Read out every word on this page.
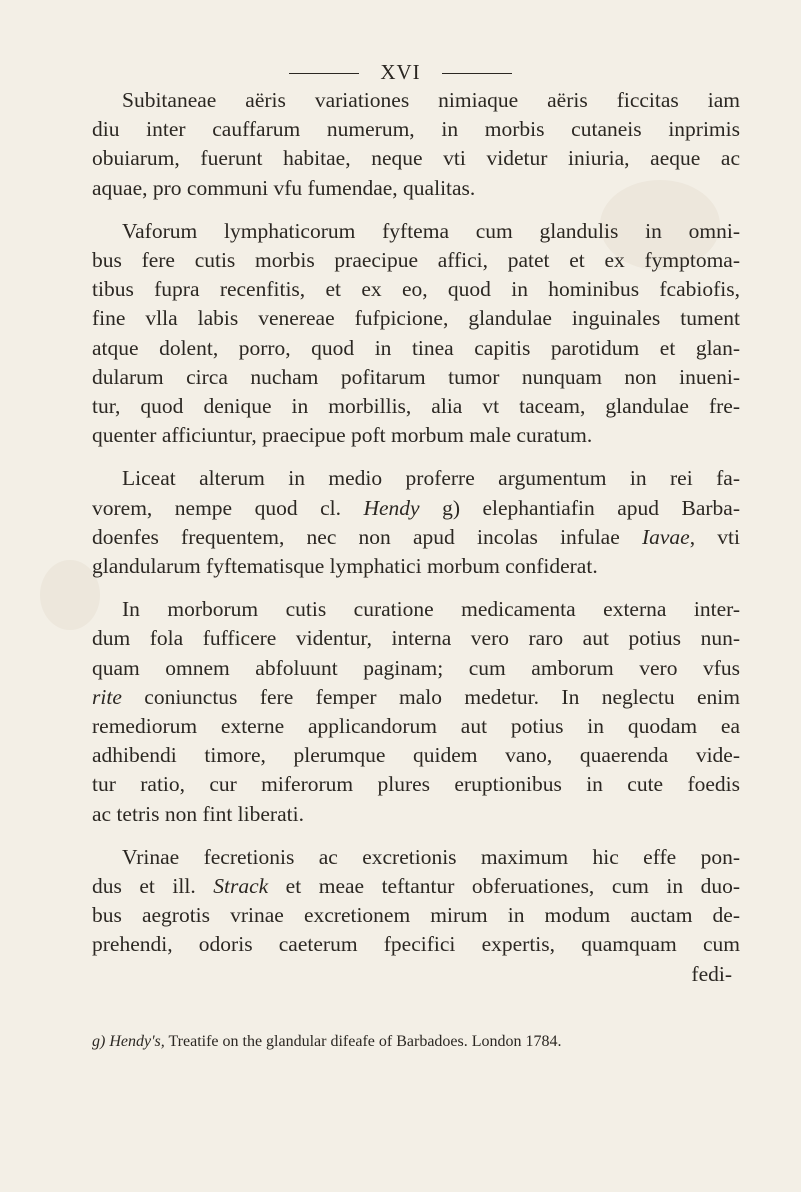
XVI
Subitaneae aëris variationes nimiaque aëris ficcitas iam
diu inter cauffarum numerum, in morbis cutaneis inprimis
obuiarum, fuerunt habitae, neque vti videtur iniuria, aeque ac
aquae, pro communi vfu fumendae, qualitas.
Vaforum lymphaticorum fyftema cum glandulis in omni-
bus fere cutis morbis praecipue affici, patet et ex fymptoma-
tibus fupra recenfitis, et ex eo, quod in hominibus fcabiofis,
fine vlla labis venereae fufpicione, glandulae inguinales tument
atque dolent, porro, quod in tinea capitis parotidum et glan-
dularum circa nucham pofitarum tumor nunquam non inueni-
tur, quod denique in morbillis, alia vt taceam, glandulae fre-
quenter afficiuntur, praecipue poft morbum male curatum.
Liceat alterum in medio proferre argumentum in rei fa-
vorem, nempe quod cl. Hendy g) elephantiafin apud Barba-
doenfes frequentem, nec non apud incolas infulae Iavae, vti
glandularum fyftematisque lymphatici morbum confiderat.
In morborum cutis curatione medicamenta externa inter-
dum fola fufficere videntur, interna vero raro aut potius nun-
quam omnem abfoluunt paginam; cum amborum vero vfus
rite coniunctus fere femper malo medetur. In neglectu enim
remediorum externe applicandorum aut potius in quodam ea
adhibendi timore, plerumque quidem vano, quaerenda vide-
tur ratio, cur miferorum plures eruptionibus in cute foedis
ac tetris non fint liberati.
Vrinae fecretionis ac excretionis maximum hic effe pon-
dus et ill. Strack et meae teftantur obferuationes, cum in duo-
bus aegrotis vrinae excretionem mirum in modum auctam de-
prehendi, odoris caeterum fpecifici expertis, quamquam cum
fedi-
g) Hendy's, Treatife on the glandular difeafe of Barbadoes. London 1784.
